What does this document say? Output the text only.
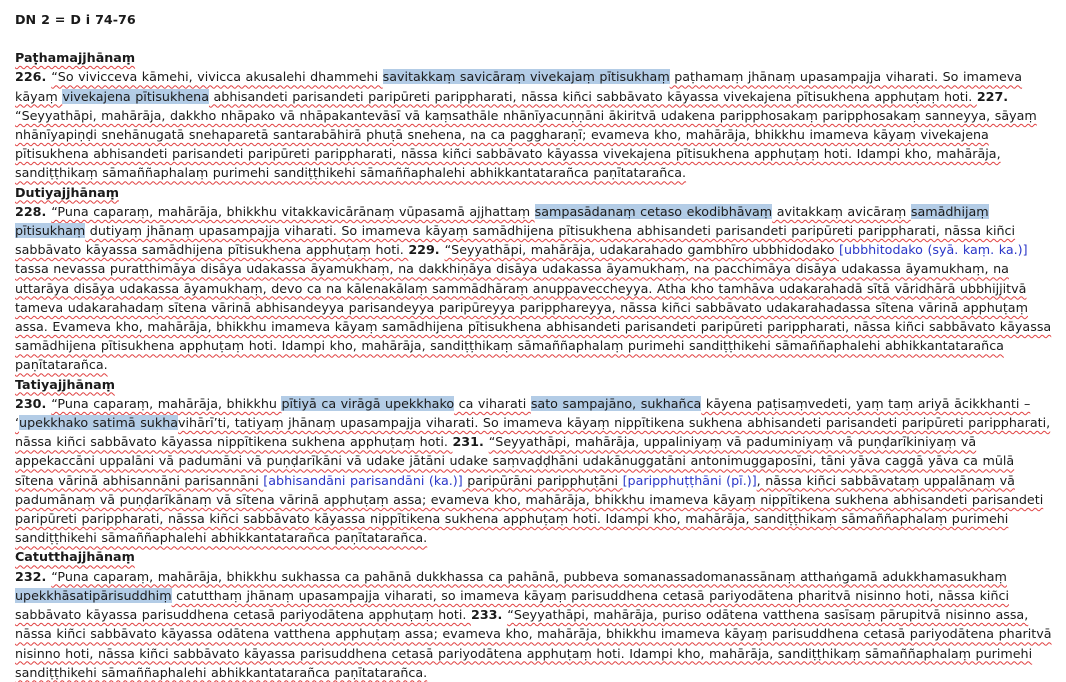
DN 2 = D i 74-76
Paṭhamajjhānaṃ
226. “So vivicceva kāmehi, vivicca akusalehi dhammehi savitakkaṃ savicāraṃ vivekajaṃ pītisukhaṃ paṭhamaṃ jhānaṃ upasampajja viharati. So imameva kāyaṃ vivekajena pītisukhena abhisandeti parisandeti paripūreti parippharati, nāssa kiñci sabbāvato kāyassa vivekajena pītisukhena apphuṭaṃ hoti. 227. “Seyyathāpi, mahārāja, dakkho nhāpako vā nhāpakantevāsī vā kaṃsathāle nhānīyacuṇṇāni ākiritvā udakena paripphosakaṃ paripphosakaṃ sanneyya, sāyaṃ nhānīyapiṇḍi snehānugatā snehaparetā santarabāhirā phuṭā snehena, na ca paggharaṇī; evameva kho, mahārāja, bhikkhu imameva kāyaṃ vivekajena pītisukhena abhisandeti parisandeti paripūreti parippharati, nāssa kiñci sabbāvato kāyassa vivekajena pītisukhena apphuṭaṃ hoti. Idampi kho, mahārāja, sandiṭṭhikaṃ sāmaññaphalaṃ purimehi sandiṭṭhikehi sāmaññaphalehi abhikkantatarañca paṇītatarañca.
Dutiyajjhānaṃ
228. “Puna caparaṃ, mahārāja, bhikkhu vitakkavicārānaṃ vūpasamā ajjhattaṃ sampasādanaṃ cetaso ekodibhāvaṃ avitakkaṃ avicāraṃ samādhijaṃ pītisukhaṃ dutiyaṃ jhānaṃ upasampajja viharati. So imameva kāyaṃ samādhijena pītisukhena abhisandeti parisandeti paripūreti parippharati, nāssa kiñci sabbāvato kāyassa samādhijena pītisukhena apphuṭaṃ hoti. 229. “Seyyathāpi, mahārāja, udakarahado gambhīro ubbhidodako [ubbhitodako (syā. kaṃ. ka.)] tassa nevassa puratthimāya disāya udakassa āyamukhaṃ, na dakkhiṇāya disāya udakassa āyamukhaṃ, na pacchimāya disāya udakassa āyamukhaṃ, na uttarāya disāya udakassa āyamukhaṃ, devo ca na kālenakālaṃ sammādhāraṃ anuppaveccheyya. Atha kho tamhāva udakarahadā sītā vāridhārā ubbhijjitvā tameva udakarahadaṃ sītena vārinā abhisandeyya parisandeyya paripūreyya paripphareyya, nāssa kiñci sabbāvato udakarahadassa sītena vārinā apphuṭaṃ assa. Evameva kho, mahārāja, bhikkhu imameva kāyaṃ samādhijena pītisukhena abhisandeti parisandeti paripūreti parippharati, nāssa kiñci sabbāvato kāyassa samādhijena pītisukhena apphuṭaṃ hoti. Idampi kho, mahārāja, sandiṭṭhikaṃ sāmaññaphalaṃ purimehi sandiṭṭhikehi sāmaññaphalehi abhikkantatarañca paṇītatarañca.
Tatiyajjhānaṃ
230. “Puna caparaṃ, mahārāja, bhikkhu pītiyā ca virāgā upekkhako ca viharati sato sampajāno, sukhañca kāyena paṭisaṃvedeti, yaṃ taṃ ariyā ācikkhanti – ‘upekkhako satimā sukhavihārī’ti, tatiyaṃ jhānaṃ upasampajja viharati. So imameva kāyaṃ nippītikena sukhena abhisandeti parisandeti paripūreti parippharati, nāssa kiñci sabbāvato kāyassa nippītikena sukhena apphuṭaṃ hoti. 231. “Seyyathāpi, mahārāja, uppaliniyaṃ vā paduminiyaṃ vā puṇḍarīkiniyaṃ vā appekaccāni uppalāni vā padumāni vā puṇḍarīkāni vā udake jātāni udake saṃvaḍḍhāni udakānuggatāni antonimuggaposīni, tāni yāva caggā yāva ca mūlā sītena vārinā abhisannāni parisannāni [abhisandāni parisandāni (ka.)] paripūrāni paripphuṭāni [paripphuṭṭhāni (pī.)], nāssa kiñci sabbāvataṃ uppalānaṃ vā padumānaṃ vā puṇḍarīkānaṃ vā sītena vārinā apphuṭaṃ assa; evameva kho, mahārāja, bhikkhu imameva kāyaṃ nippītikena sukhena abhisandeti parisandeti paripūreti parippharati, nāssa kiñci sabbāvato kāyassa nippītikena sukhena apphuṭaṃ hoti. Idampi kho, mahārāja, sandiṭṭhikaṃ sāmaññaphalaṃ purimehi sandiṭṭhikehi sāmaññaphalehi abhikkantatarañca paṇītatarañca.
Catutthajjhānaṃ
232. “Puna caparaṃ, mahārāja, bhikkhu sukhassa ca pahānā dukkhassa ca pahānā, pubbeva somanassadomanassānaṃ atthaṅgamā adukkhamasukhaṃ upekkhāsatipārisuddhiṃ catutthaṃ jhānaṃ upasampajja viharati, so imameva kāyaṃ parisuddhena cetasā pariyodātena pharitvā nisinno hoti, nāssa kiñci sabbāvato kāyassa parisuddhena cetasā pariyodātena apphuṭaṃ hoti. 233. “Seyyathāpi, mahārāja, puriso odātena vatthena sasīsaṃ pārupitvā nisinno assa, nāssa kiñci sabbāvato kāyassa odātena vatthena apphuṭaṃ assa; evameva kho, mahārāja, bhikkhu imameva kāyaṃ parisuddhena cetasā pariyodātena pharitvā nisinno hoti, nāssa kiñci sabbāvato kāyassa parisuddhena cetasā pariyodātena apphuṭaṃ hoti. Idampi kho, mahārāja, sandiṭṭhikaṃ sāmaññaphalaṃ purimehi sandiṭṭhikehi sāmaññaphalehi abhikkantatarañca paṇītatarañca.
